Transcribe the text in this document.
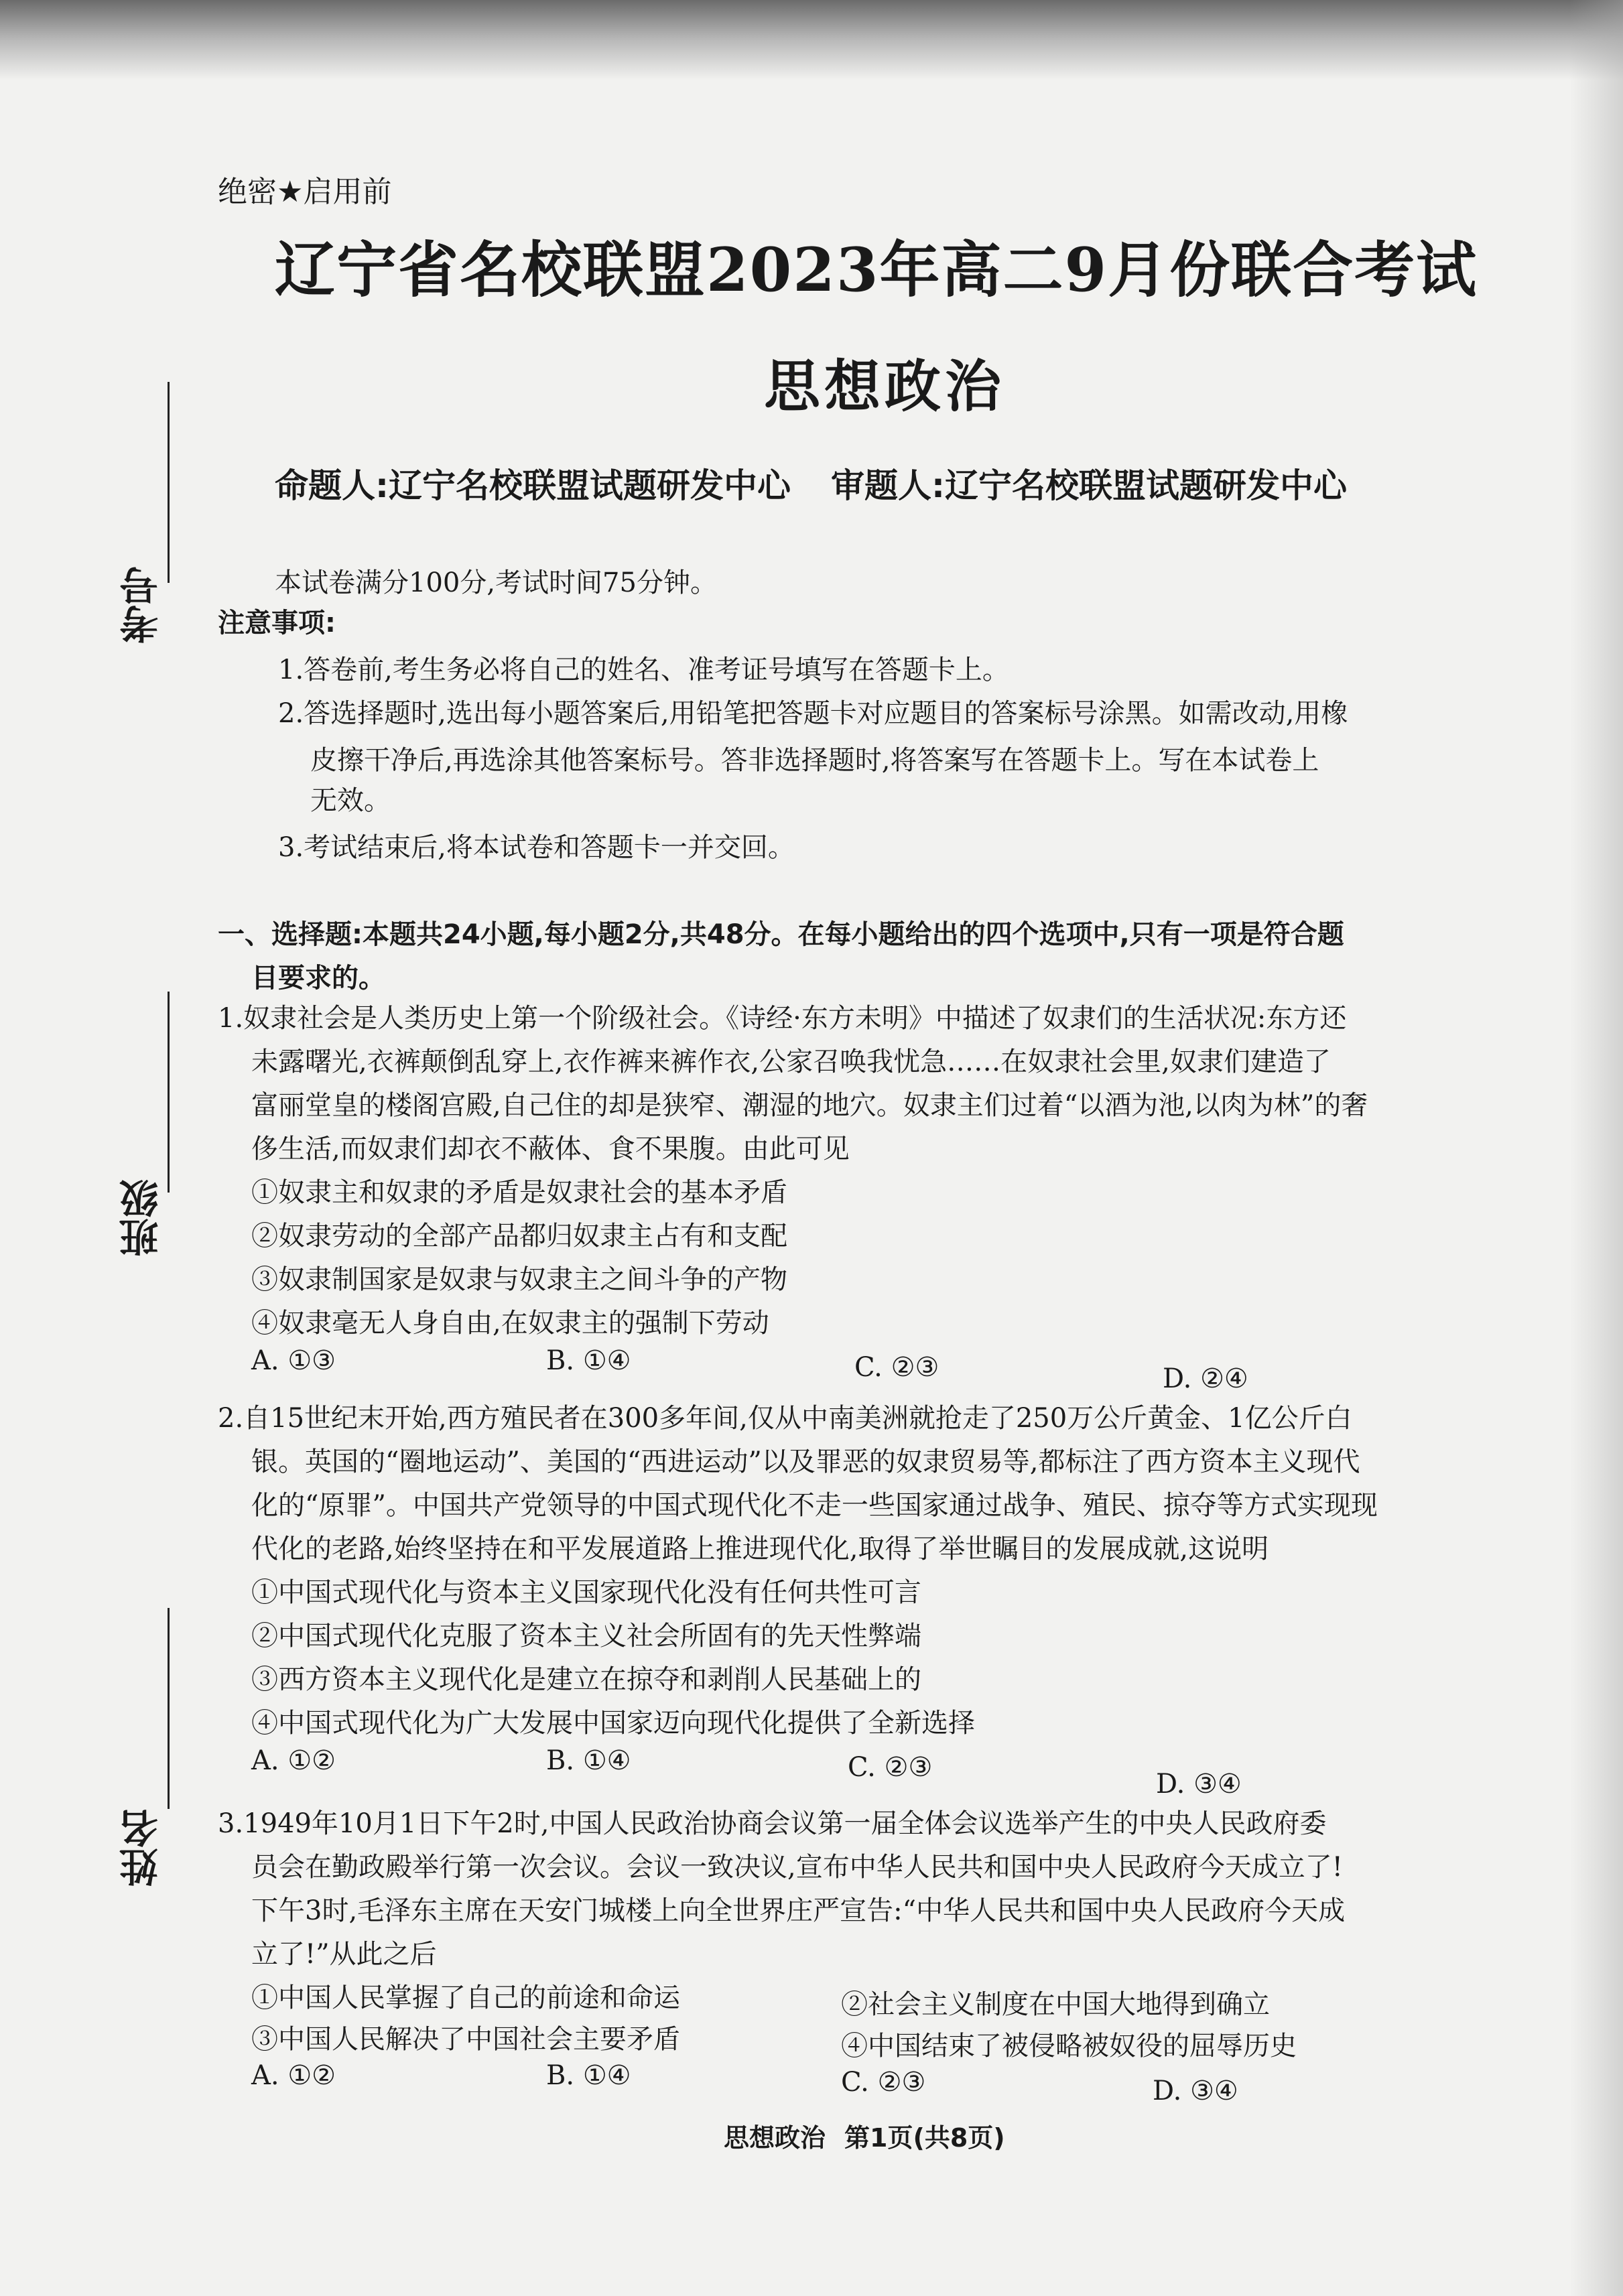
考号
班级
姓名
绝密★启用前
辽宁省名校联盟2023年高二9月份联合考试
思想政治
命题人:辽宁名校联盟试题研发中心 审题人:辽宁名校联盟试题研发中心
本试卷满分100分,考试时间75分钟。
注意事项:
1.答卷前,考生务必将自己的姓名、准考证号填写在答题卡上。
2.答选择题时,选出每小题答案后,用铅笔把答题卡对应题目的答案标号涂黑。如需改动,用橡
皮擦干净后,再选涂其他答案标号。答非选择题时,将答案写在答题卡上。写在本试卷上
无效。
3.考试结束后,将本试卷和答题卡一并交回。
一、选择题:本题共24小题,每小题2分,共48分。在每小题给出的四个选项中,只有一项是符合题
目要求的。
1.奴隶社会是人类历史上第一个阶级社会。《诗经·东方未明》中描述了奴隶们的生活状况:东方还
未露曙光,衣裤颠倒乱穿上,衣作裤来裤作衣,公家召唤我忧急……在奴隶社会里,奴隶们建造了
富丽堂皇的楼阁宫殿,自己住的却是狭窄、潮湿的地穴。奴隶主们过着“以酒为池,以肉为林”的奢
侈生活,而奴隶们却衣不蔽体、食不果腹。由此可见
①奴隶主和奴隶的矛盾是奴隶社会的基本矛盾
②奴隶劳动的全部产品都归奴隶主占有和支配
③奴隶制国家是奴隶与奴隶主之间斗争的产物
④奴隶毫无人身自由,在奴隶主的强制下劳动
A. ①③	B. ①④	C. ②③	D. ②④
2.自15世纪末开始,西方殖民者在300多年间,仅从中南美洲就抢走了250万公斤黄金、1亿公斤白
银。英国的“圈地运动”、美国的“西进运动”以及罪恶的奴隶贸易等,都标注了西方资本主义现代
化的“原罪”。中国共产党领导的中国式现代化不走一些国家通过战争、殖民、掠夺等方式实现现
代化的老路,始终坚持在和平发展道路上推进现代化,取得了举世瞩目的发展成就,这说明
①中国式现代化与资本主义国家现代化没有任何共性可言
②中国式现代化克服了资本主义社会所固有的先天性弊端
③西方资本主义现代化是建立在掠夺和剥削人民基础上的
④中国式现代化为广大发展中国家迈向现代化提供了全新选择
A. ①②	B. ①④	C. ②③
D. ③④
3.1949年10月1日下午2时,中国人民政治协商会议第一届全体会议选举产生的中央人民政府委
员会在勤政殿举行第一次会议。会议一致决议,宣布中华人民共和国中央人民政府今天成立了!
下午3时,毛泽东主席在天安门城楼上向全世界庄严宣告:“中华人民共和国中央人民政府今天成
立了!”从此之后
①中国人民掌握了自己的前途和命运	②社会主义制度在中国大地得到确立
③中国人民解决了中国社会主要矛盾	④中国结束了被侵略被奴役的屈辱历史
A. ①②	B. ①④	C. ②③	D. ③④
思想政治 第1页(共8页)
